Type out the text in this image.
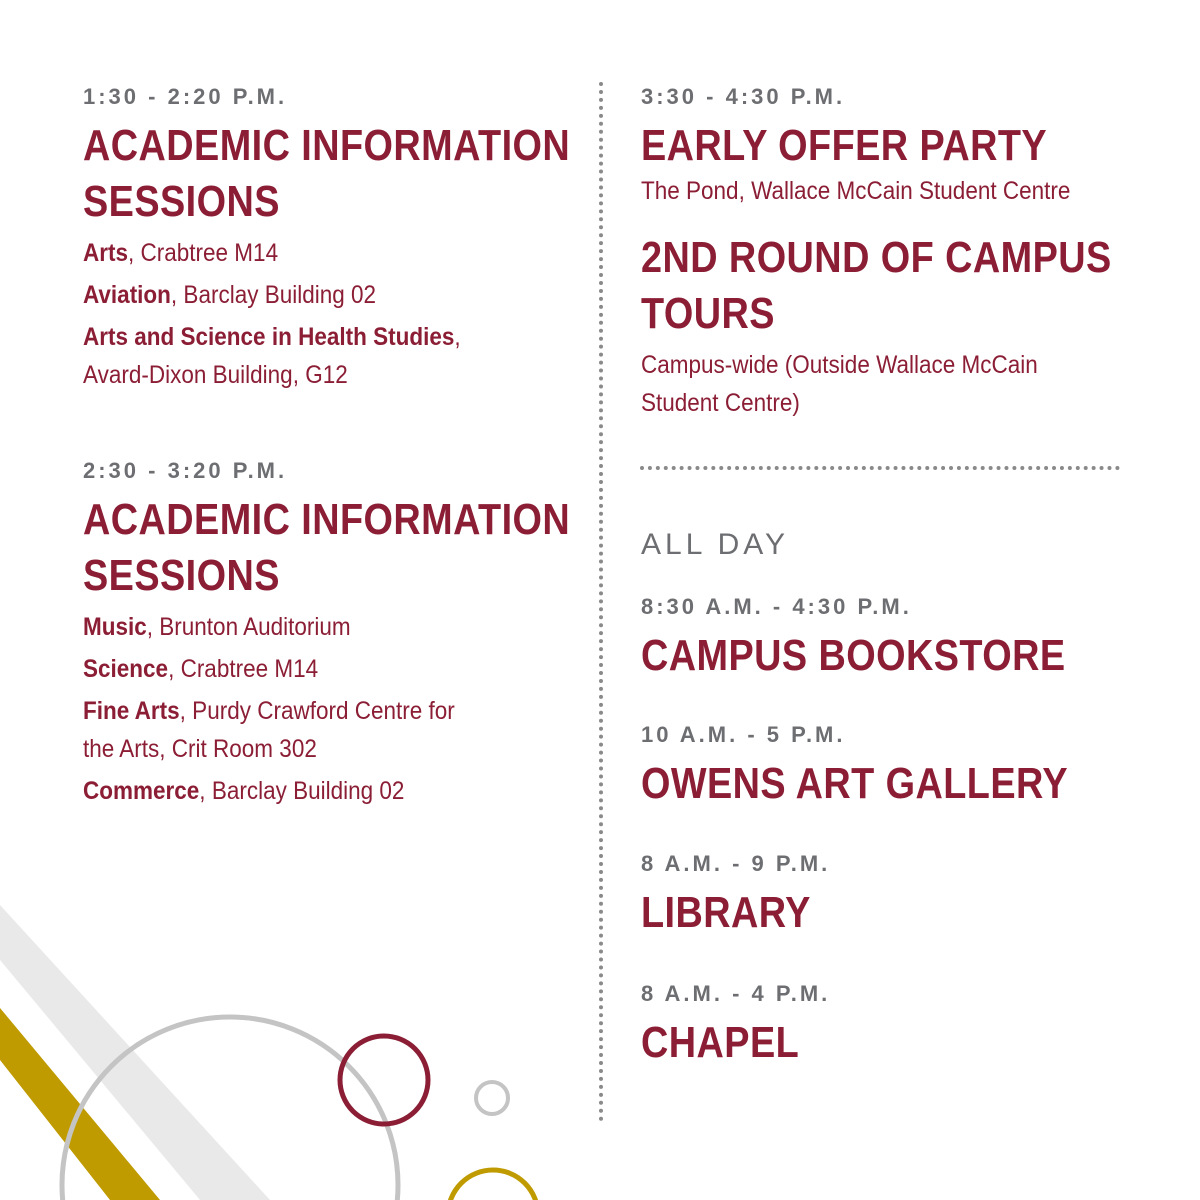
1:30 - 2:20 P.M.

ACADEMIC INFORMATION
SESSIONS

Arts, Crabtree M14

Aviation, Barclay Building 02

Arts and Science in Health Studies,

Avard-Dixon Building, G12

2:30 - 3:20 P.M.

ACADEMIC INFORMATION
SESSIONS

Music, Brunton Auditorium

Science, Crabtree M14

Fine Arts, Purdy Crawford Centre for

the Arts, Crit Room 302

Commerce, Barclay Building 02

3:30 - 4:30 P.M.

EARLY OFFER PARTY

The Pond, Wallace McCain Student Centre

2ND ROUND OF CAMPUS
TOURS

Campus-wide (Outside Wallace McCain
Student Centre)

ALL DAY

8:30 A.M. - 4:30 P.M.

CAMPUS BOOKSTORE

10 A.M. - 5 P.M.

OWENS ART GALLERY

8 A.M. - 9 P.M.

LIBRARY

8 A.M. - 4 P.M.

CHAPEL
